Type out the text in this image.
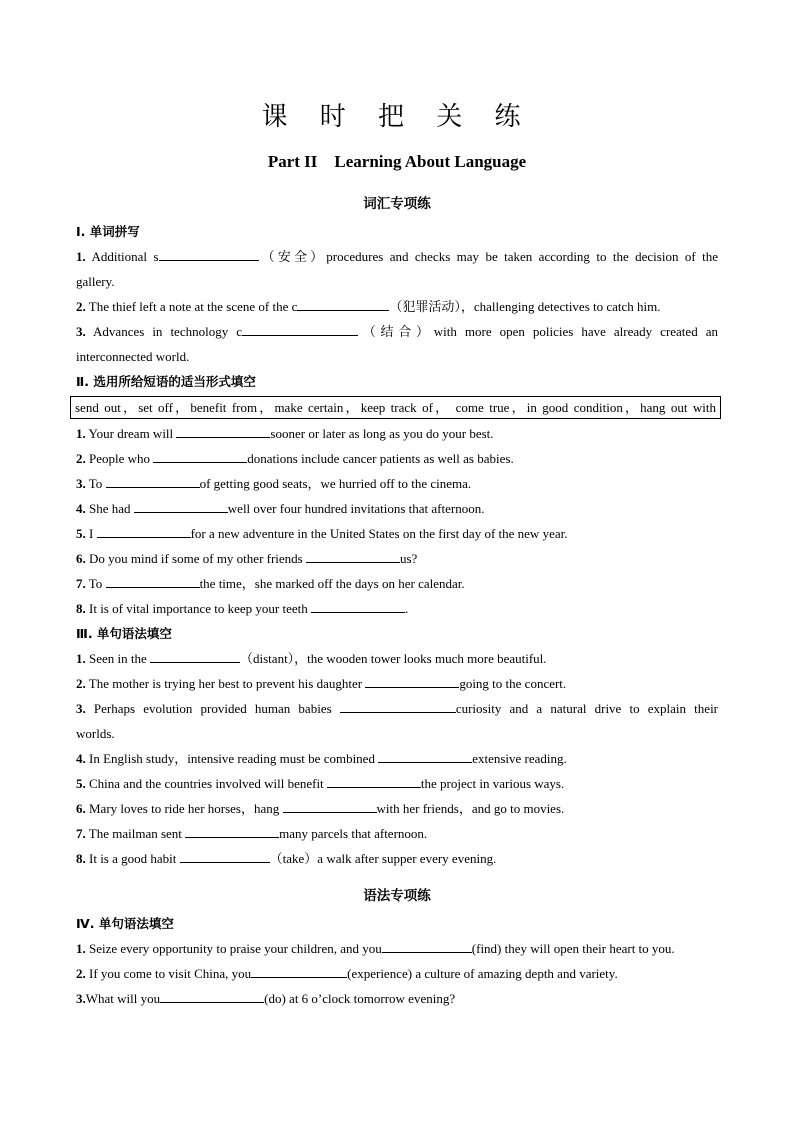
课 时 把 关 练
Part II　Learning About Language
词汇专项练
Ⅰ. 单词拼写
1. Additional s	（安全）procedures and checks may be taken according to the decision of the
gallery.
2. The thief left a note at the scene of the c	（犯罪活动），challenging detectives to catch him.
3. Advances in technology c	（结合）with more open policies have already created an
interconnected world.
Ⅱ. 选用所给短语的适当形式填空
send out，set off，benefit from，make certain，keep track of， come true，in good condition，hang out with
1. Your dream will	sooner or later as long as you do your best.
2. People who	donations include cancer patients as well as babies.
3. To	of getting good seats，we hurried off to the cinema.
4. She had	well over four hundred invitations that afternoon.
5. I	for a new adventure in the United States on the first day of the new year.
6. Do you mind if some of my other friends	us?
7. To	the time，she marked off the days on her calendar.
8. It is of vital importance to keep your teeth	.
Ⅲ. 单句语法填空
1. Seen in the	（distant），the wooden tower looks much more beautiful.
2. The mother is trying her best to prevent his daughter	going to the concert.
3. Perhaps evolution provided human babies	curiosity and a natural drive to explain their
worlds.
4. In English study，intensive reading must be combined	extensive reading.
5. China and the countries involved will benefit	the project in various ways.
6. Mary loves to ride her horses，hang	with her friends，and go to movies.
7. The mailman sent	many parcels that afternoon.
8. It is a good habit	（take）a walk after supper every evening.
语法专项练
Ⅳ. 单句语法填空
1. Seize every opportunity to praise your children, and you	(find) they will open their heart to you.
2. If you come to visit China, you	(experience) a culture of amazing depth and variety.
3.What will you	(do) at 6 o’clock tomorrow evening?
